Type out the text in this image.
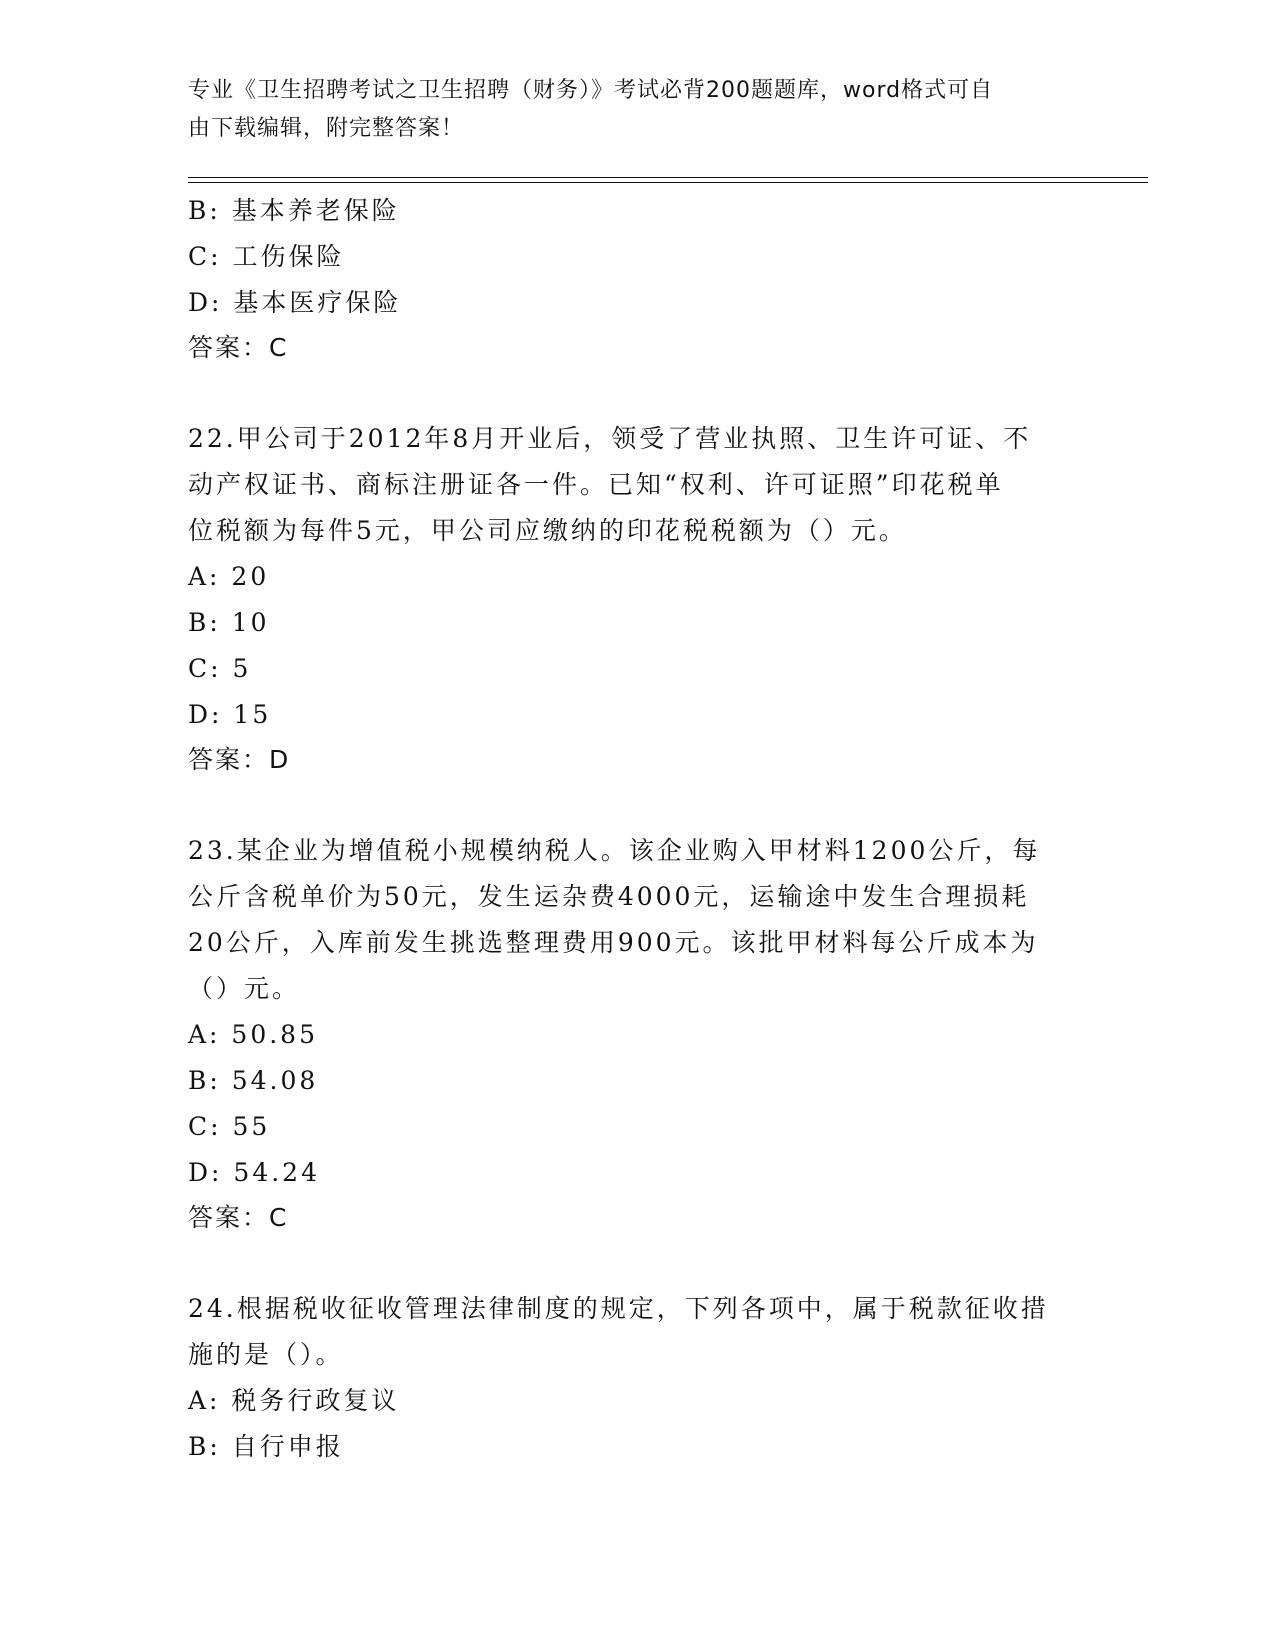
专业《卫生招聘考试之卫生招聘（财务）》考试必背200题题库，word格式可自
由下载编辑，附完整答案！

B: 基本养老保险

C: 工伤保险

D: 基本医疗保险

答案：C

22.甲公司于2012年8月开业后，领受了营业执照、卫生许可证、不

动产权证书、商标注册证各一件。已知“权利、许可证照”印花税单

位税额为每件5元，甲公司应缴纳的印花税税额为（）元。

A: 20

B: 10

C: 5

D: 15

答案：D

23.某企业为增值税小规模纳税人。该企业购入甲材料1200公斤，每

公斤含税单价为50元，发生运杂费4000元，运输途中发生合理损耗

20公斤，入库前发生挑选整理费用900元。该批甲材料每公斤成本为

（）元。

A: 50.85

B: 54.08

C: 55

D: 54.24

答案：C

24.根据税收征收管理法律制度的规定，下列各项中，属于税款征收措

施的是（）。

A: 税务行政复议

B: 自行申报
